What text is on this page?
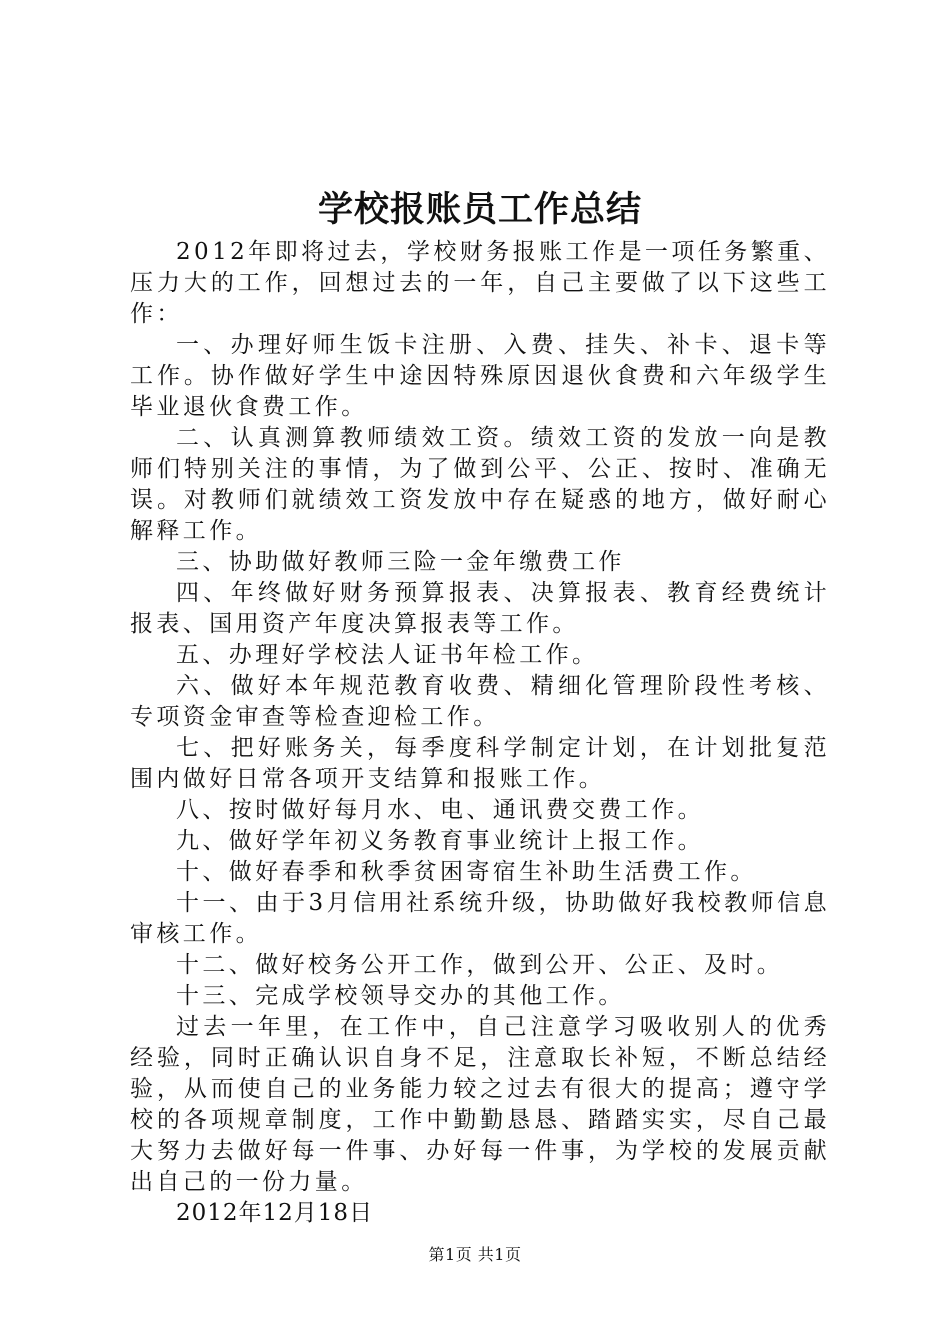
学校报账员工作总结

2012年即将过去，学校财务报账工作是一项任务繁重、压力大的工作，回想过去的一年，自己主要做了以下这些工作：

一、办理好师生饭卡注册、入费、挂失、补卡、退卡等工作。协作做好学生中途因特殊原因退伙食费和六年级学生毕业退伙食费工作。

二、认真测算教师绩效工资。绩效工资的发放一向是教师们特别关注的事情，为了做到公平、公正、按时、准确无误。对教师们就绩效工资发放中存在疑惑的地方，做好耐心解释工作。

三、协助做好教师三险一金年缴费工作

四、年终做好财务预算报表、决算报表、教育经费统计报表、国用资产年度决算报表等工作。

五、办理好学校法人证书年检工作。

六、做好本年规范教育收费、精细化管理阶段性考核、专项资金审查等检查迎检工作。

七、把好账务关，每季度科学制定计划，在计划批复范围内做好日常各项开支结算和报账工作。

八、按时做好每月水、电、通讯费交费工作。

九、做好学年初义务教育事业统计上报工作。

十、做好春季和秋季贫困寄宿生补助生活费工作。

十一、由于3月信用社系统升级，协助做好我校教师信息审核工作。

十二、做好校务公开工作，做到公开、公正、及时。

十三、完成学校领导交办的其他工作。

过去一年里，在工作中，自己注意学习吸收别人的优秀经验，同时正确认识自身不足，注意取长补短，不断总结经验，从而使自己的业务能力较之过去有很大的提高；遵守学校的各项规章制度，工作中勤勤恳恳、踏踏实实，尽自己最大努力去做好每一件事、办好每一件事，为学校的发展贡献出自己的一份力量。

2012年12月18日

第1页 共1页
